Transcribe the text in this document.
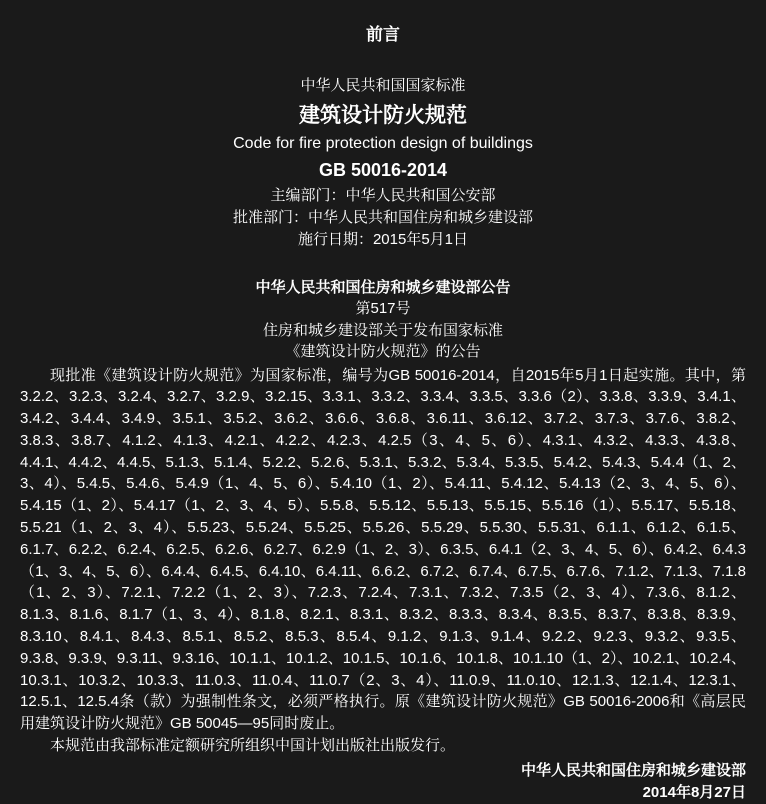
前言

中华人民共和国国家标准

建筑设计防火规范

Code for fire protection design of buildings

GB 50016-2014

主编部门：中华人民共和国公安部

批准部门：中华人民共和国住房和城乡建设部

施行日期：2015年5月1日

中华人民共和国住房和城乡建设部公告

第517号

住房和城乡建设部关于发布国家标准

《建筑设计防火规范》的公告

现批准《建筑设计防火规范》为国家标准，编号为GB 50016-2014，自2015年5月1日起实施。其中，第3.2.2、3.2.3、3.2.4、3.2.7、3.2.9、3.2.15、3.3.1、3.3.2、3.3.4、3.3.5、3.3.6（2）、3.3.8、3.3.9、3.4.1、3.4.2、3.4.4、3.4.9、3.5.1、3.5.2、3.6.2、3.6.6、3.6.8、3.6.11、3.6.12、3.7.2、3.7.3、3.7.6、3.8.2、3.8.3、3.8.7、4.1.2、4.1.3、4.2.1、4.2.2、4.2.3、4.2.5（3、4、5、6）、4.3.1、4.3.2、4.3.3、4.3.8、4.4.1、4.4.2、4.4.5、5.1.3、5.1.4、5.2.2、5.2.6、5.3.1、5.3.2、5.3.4、5.3.5、5.4.2、5.4.3、5.4.4（1、2、3、4）、5.4.5、5.4.6、5.4.9（1、4、5、6）、5.4.10（1、2）、5.4.11、5.4.12、5.4.13（2、3、4、5、6）、5.4.15（1、2）、5.4.17（1、2、3、4、5）、5.5.8、5.5.12、5.5.13、5.5.15、5.5.16（1）、5.5.17、5.5.18、5.5.21（1、2、3、4）、5.5.23、5.5.24、5.5.25、5.5.26、5.5.29、5.5.30、5.5.31、6.1.1、6.1.2、6.1.5、6.1.7、6.2.2、6.2.4、6.2.5、6.2.6、6.2.7、6.2.9（1、2、3）、6.3.5、6.4.1（2、3、4、5、6）、6.4.2、6.4.3（1、3、4、5、6）、6.4.4、6.4.5、6.4.10、6.4.11、6.6.2、6.7.2、6.7.4、6.7.5、6.7.6、7.1.2、7.1.3、7.1.8（1、2、3）、7.2.1、7.2.2（1、2、3）、7.2.3、7.2.4、7.3.1、7.3.2、7.3.5（2、3、4）、7.3.6、8.1.2、8.1.3、8.1.6、8.1.7（1、3、4）、8.1.8、8.2.1、8.3.1、8.3.2、8.3.3、8.3.4、8.3.5、8.3.7、8.3.8、8.3.9、8.3.10、8.4.1、8.4.3、8.5.1、8.5.2、8.5.3、8.5.4、9.1.2、9.1.3、9.1.4、9.2.2、9.2.3、9.3.2、9.3.5、9.3.8、9.3.9、9.3.11、9.3.16、10.1.1、10.1.2、10.1.5、10.1.6、10.1.8、10.1.10（1、2）、10.2.1、10.2.4、10.3.1、10.3.2、10.3.3、11.0.3、11.0.4、11.0.7（2、3、4）、11.0.9、11.0.10、12.1.3、12.1.4、12.3.1、12.5.1、12.5.4条（款）为强制性条文，必须严格执行。原《建筑设计防火规范》GB 50016-2006和《高层民用建筑设计防火规范》GB 50045—95同时废止。

本规范由我部标准定额研究所组织中国计划出版社出版发行。

中华人民共和国住房和城乡建设部
2014年8月27日
